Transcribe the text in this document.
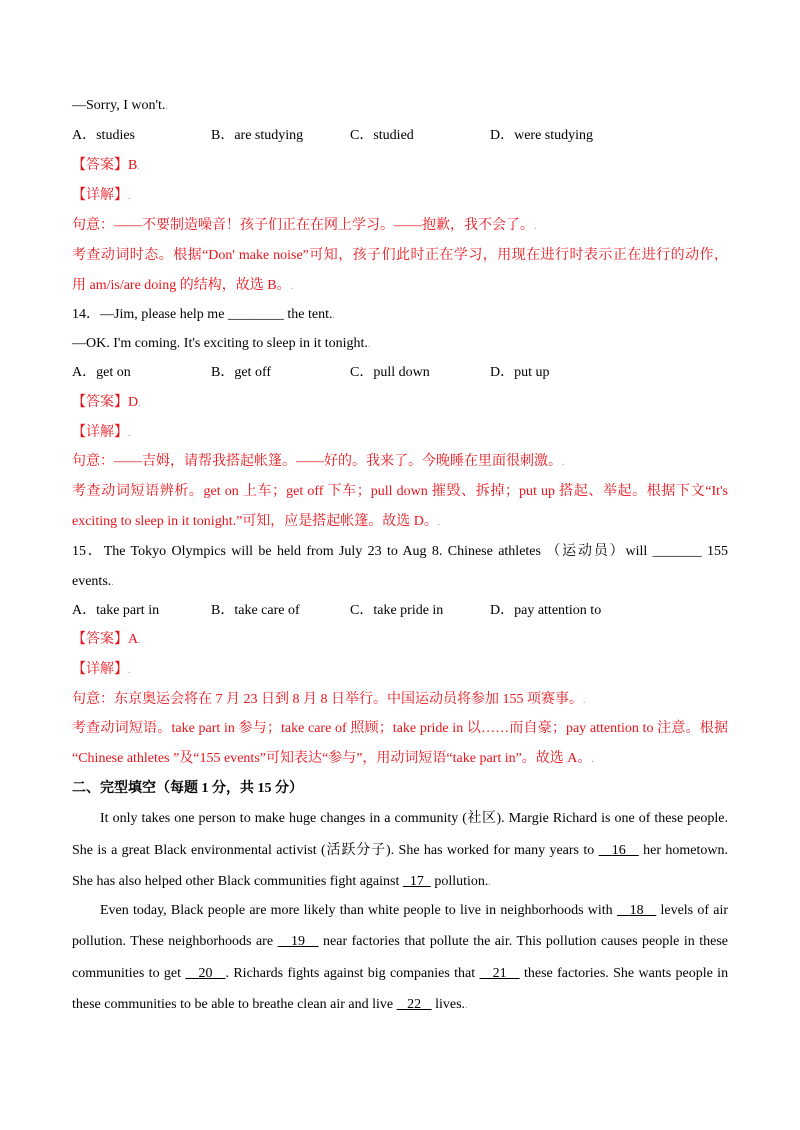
—Sorry, I won't..
A．studies	B．are studying	C．studied	D．were studying
【答案】B.
【详解】.
句意：——不要制造噪音！孩子们正在在网上学习。——抱歉，我不会了。.
考查动词时态。根据“Don' make noise”可知，孩子们此时正在学习，用现在进行时表示正在进行的动作，
用 am/is/are doing 的结构，故选 B。.
14．—Jim, please help me ________ the tent..
—OK. I'm coming. It's exciting to sleep in it tonight..
A．get on	B．get off	C．pull down	D．put up
【答案】D.
【详解】.
句意：——吉姆，请帮我搭起帐篷。——好的。我来了。今晚睡在里面很刺激。.
考查动词短语辨析。get on 上车；get off 下车；pull down 摧毁、拆掉；put up 搭起、举起。根据下文“It's
exciting to sleep in it tonight.”可知，应是搭起帐篷。故选 D。.
15．The Tokyo Olympics will be held from July 23 to Aug 8. Chinese athletes （运动员）will _______ 155
events..
A．take part in	B．take care of	C．take pride in	D．pay attention to
【答案】A.
【详解】.
句意：东京奥运会将在 7 月 23 日到 8 月 8 日举行。中国运动员将参加 155 项赛事。.
考查动词短语。take part in 参与；take care of 照顾；take pride in 以……而自豪；pay attention to 注意。根据
“Chinese athletes ”及“155 events”可知表达“参与”，用动词短语“take part in”。故选 A。.
二、完型填空（每题 1 分，共 15 分）
It only takes one person to make huge changes in a community (社区). Margie Richard is one of these people.
She is a great Black environmental activist (活跃分子). She has worked for many years to    16    her hometown.
She has also helped other Black communities fight against   17   pollution..
Even today, Black people are more likely than white people to live in neighborhoods with    18    levels of air
pollution. These neighborhoods are    19    near factories that pollute the air. This pollution causes people in these
communities to get    20 . Richards fights against big companies that    21    these factories. She wants people in
these communities to be able to breathe clean air and live    22    lives..
